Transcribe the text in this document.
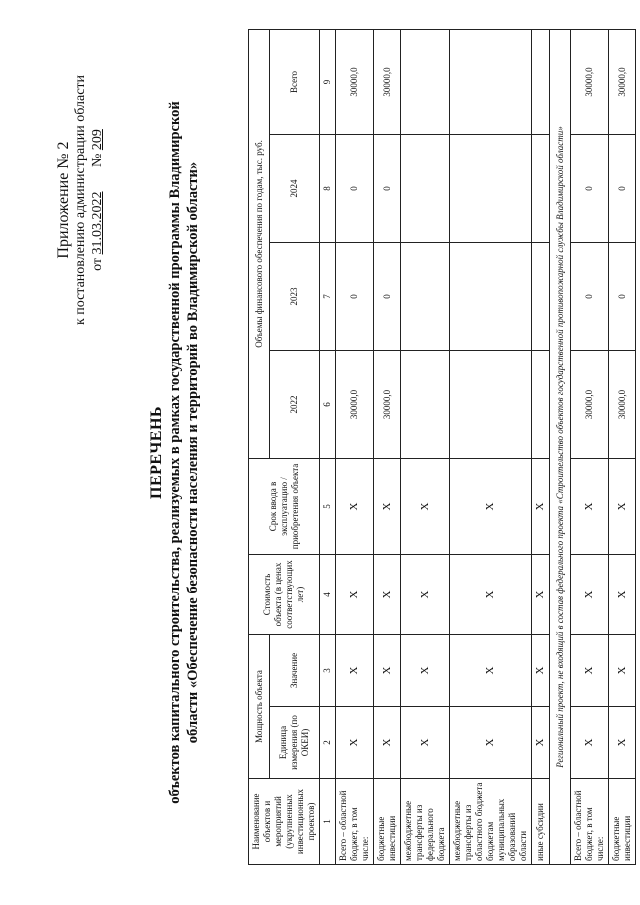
Приложение № 2 к постановлению администрации области от 31.03.2022       № 209
ПЕРЕЧЕНЬ объектов капитального строительства, реализуемых в рамках государственной программы Владимирской области «Обеспечение безопасности населения и территорий во Владимирской области»
Наименование объектов и мероприятий (укрупненных инвестиционных проектов)	Мощность объекта		Стоимость объекта (в ценах соответствующих лет)	Срок ввода в эксплуатацию / приобретения объекта	Объемы финансового обеспечения по годам, тыс. руб.			
	Единица измерения (по ОКЕИ)	Значение			2022	2023	2024	Всего
1	2	3	4	5	6	7	8	9
Всего – областной бюджет, в том числе:	Х	Х	Х	Х	30000,0	0	0	30000,0
бюджетные инвестиции	Х	Х	Х	Х	30000,0	0	0	30000,0
межбюджетные трансферты из федерального бюджета	Х	Х	Х	Х				
межбюджетные трансферты из областного бюджета бюджетам муниципальных образований области	Х	Х	Х	Х				
иные субсидии	Х	Х	Х	Х				
Региональный проект, не входящий в состав федерального проекта «Строительство объектов государственной противопожарной службы Владимирской области»								
Всего – областной бюджет, в том числе:	Х	Х	Х	Х	30000,0	0	0	30000,0
бюджетные инвестиции	Х	Х	Х	Х	30000,0	0	0	30000,0
